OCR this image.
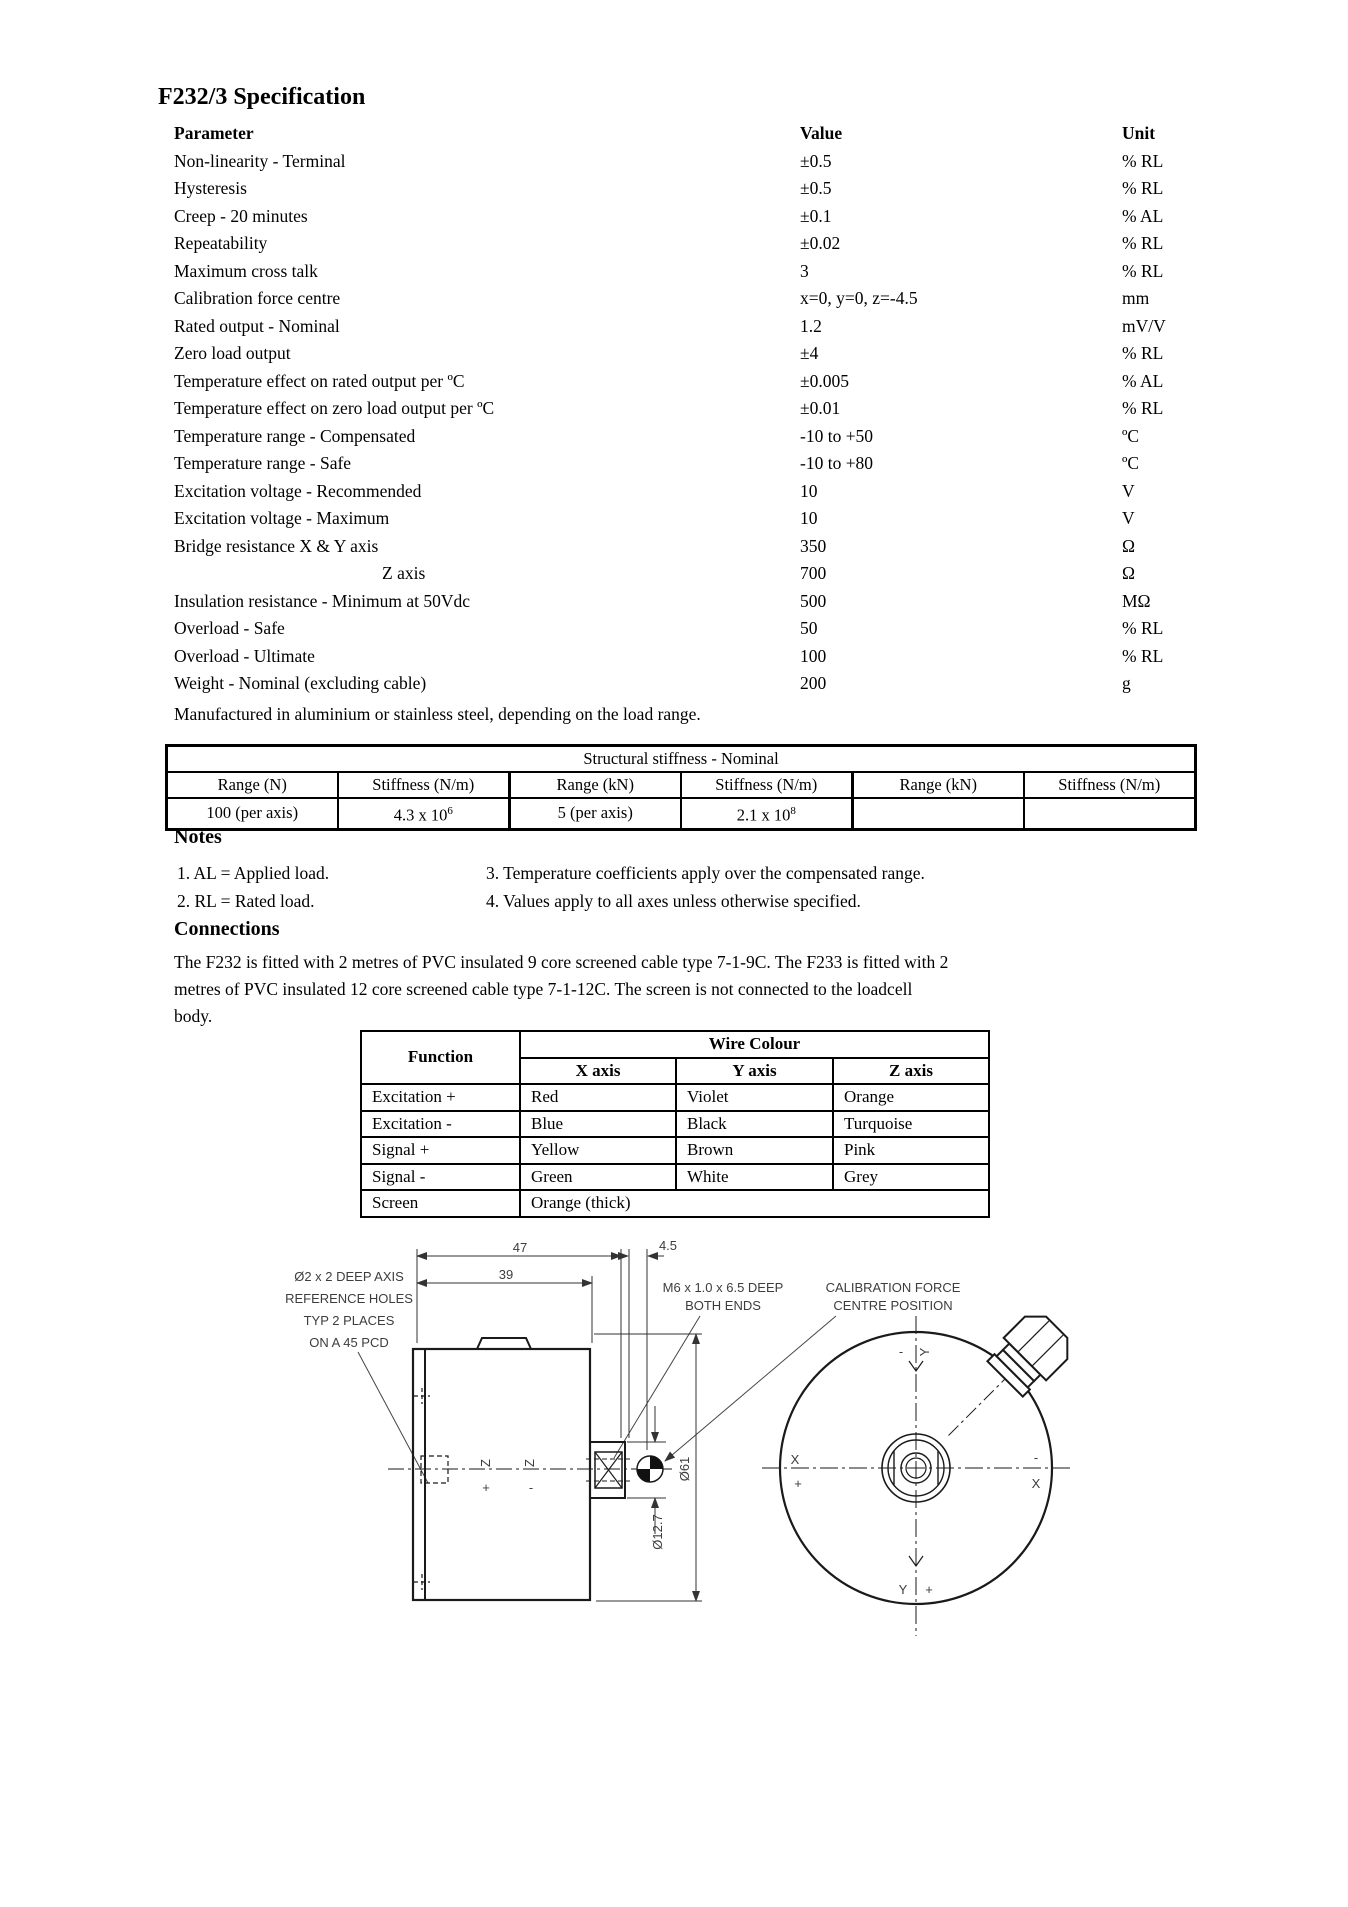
F232/3 Specification
Parameter	Value	Unit
Non-linearity - Terminal	±0.5	% RL
Hysteresis	±0.5	% RL
Creep - 20 minutes	±0.1	% AL
Repeatability	±0.02	% RL
Maximum cross talk	3	% RL
Calibration force centre	x=0, y=0, z=-4.5	mm
Rated output - Nominal	1.2	mV/V
Zero load output	±4	% RL
Temperature effect on rated output per ºC	±0.005	% AL
Temperature effect on zero load output per ºC	±0.01	% RL
Temperature range - Compensated	-10 to +50	ºC
Temperature range - Safe	-10 to +80	ºC
Excitation voltage - Recommended	10	V
Excitation voltage - Maximum	10	V
Bridge resistance X & Y axis	350	Ω
Z axis	700	Ω
Insulation resistance - Minimum at 50Vdc	500	MΩ
Overload - Safe	50	% RL
Overload - Ultimate	100	% RL
Weight - Nominal (excluding cable)	200	g
Manufactured in aluminium or stainless steel, depending on the load range.
Structural stiffness - Nominal					
Range (N)	Stiffness (N/m)	Range (kN)	Stiffness (N/m)	Range (kN)	Stiffness (N/m)
100 (per axis)	4.3 x $10^6$	5 (per axis)	2.1 x $10^8$		
Notes
1. AL = Applied load.
2. RL = Rated load.
3. Temperature coefficients apply over the compensated range.
4. Values apply to all axes unless otherwise specified.
Connections
The F232 is fitted with 2 metres of PVC insulated 9 core screened cable type 7-1-9C. The F233 is fitted with 2
metres of PVC insulated 12 core screened cable type 7-1-12C. The screen is not connected to the loadcell
body.
Function	Wire Colour		
	X axis	Y axis	Z axis
Excitation +	Red	Violet	Orange
Excitation -	Blue	Black	Turquoise
Signal +	Yellow	Brown	Pink
Signal -	Green	White	Grey
Screen	Orange (thick)		
Ø2 x 2 DEEP AXIS
REFERENCE HOLES
TYP 2 PLACES
ON A 45 PCD
M6 x 1.0 x 6.5 DEEP
BOTH ENDS
CALIBRATION FORCE
CENTRE POSITION
47
39
4.5
Ø61
Ø12.7
Z
+
Z
-
X
+
-
X
- Y
Y +
